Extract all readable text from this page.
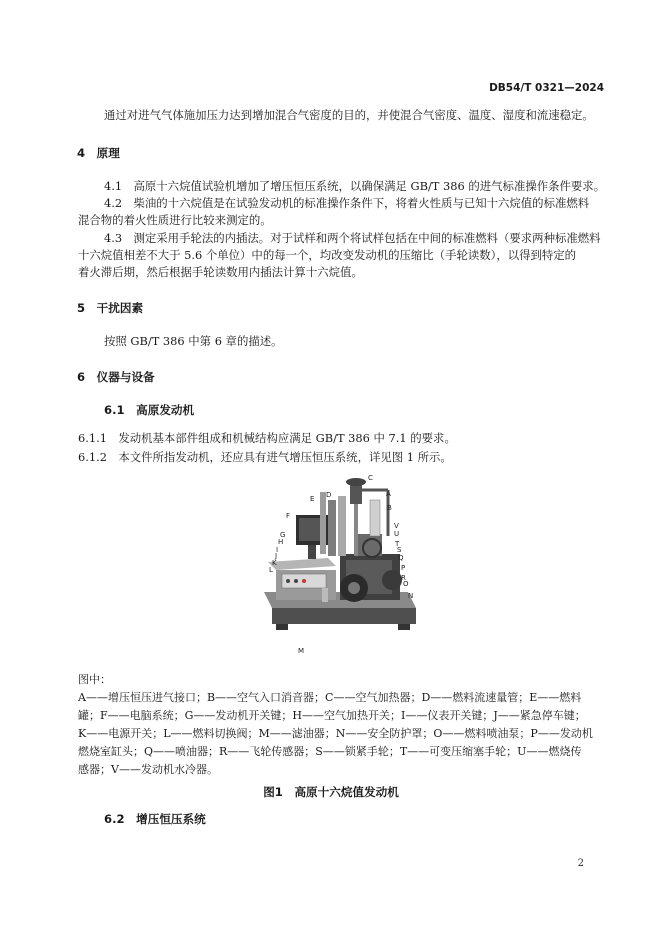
DB54/T 0321—2024
通过对进气气体施加压力达到增加混合气密度的目的，并使混合气密度、温度、湿度和流速稳定。
4　原理
4.1　高原十六烷值试验机增加了增压恒压系统，以确保满足 GB/T 386 的进气标准操作条件要求。
4.2　柴油的十六烷值是在试验发动机的标准操作条件下，将着火性质与已知十六烷值的标准燃料
混合物的着火性质进行比较来测定的。
4.3　测定采用手轮法的内插法。对于试样和两个将试样包括在中间的标准燃料（要求两种标准燃料
十六烷值相差不大于 5.6 个单位）中的每一个，均改变发动机的压缩比（手轮读数），以得到特定的
着火滞后期，然后根据手轮读数用内插法计算十六烷值。
5　干扰因素
按照 GB/T 386 中第 6 章的描述。
6　仪器与设备
6.1　高原发动机
6.1.1　发动机基本部件组成和机械结构应满足 GB/T 386 中 7.1 的要求。
6.1.2　本文件所指发动机，还应具有进气增压恒压系统，详见图 1 所示。
A
B
C
D
E
F
G
H
I
J
K
L
M
N
O
P
Q
R
S
T
U
V
图中：
A——增压恒压进气接口；B——空气入口消音器；C——空气加热器；D——燃料流速量管；E——燃料
罐；F——电脑系统；G——发动机开关键；H——空气加热开关；I——仪表开关键；J——紧急停车键；
K——电源开关；L——燃料切换阀；M——滤油器；N——安全防护罩；O——燃料喷油泵；P——发动机
燃烧室缸头；Q——喷油器；R——飞轮传感器；S——锁紧手轮；T——可变压缩塞手轮；U——燃烧传
感器；V——发动机水冷器。
图1　高原十六烷值发动机
6.2　增压恒压系统
2
